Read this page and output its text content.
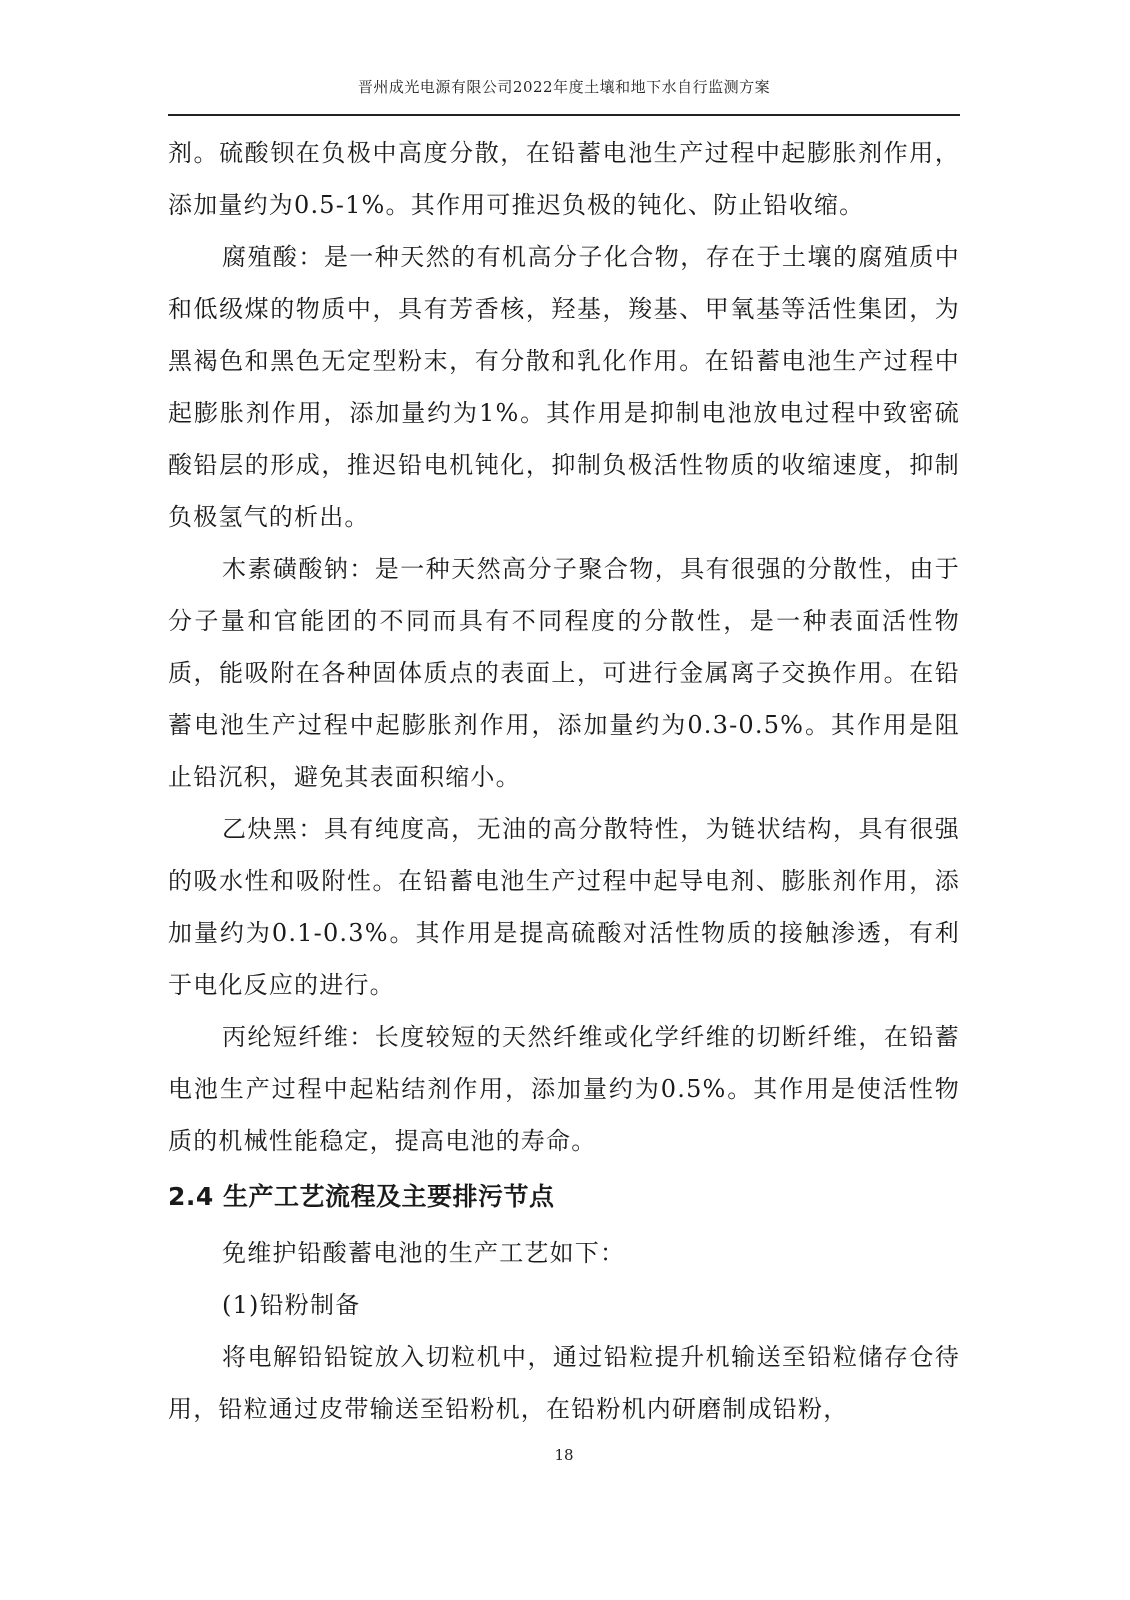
晋州成光电源有限公司2022年度土壤和地下水自行监测方案

剂。硫酸钡在负极中高度分散，在铅蓄电池生产过程中起膨胀剂作用，添加量约为0.5-1%。其作用可推迟负极的钝化、防止铅收缩。

腐殖酸：是一种天然的有机高分子化合物，存在于土壤的腐殖质中和低级煤的物质中，具有芳香核，羟基，羧基、甲氧基等活性集团，为黑褐色和黑色无定型粉末，有分散和乳化作用。在铅蓄电池生产过程中起膨胀剂作用，添加量约为1%。其作用是抑制电池放电过程中致密硫酸铅层的形成，推迟铅电机钝化，抑制负极活性物质的收缩速度，抑制负极氢气的析出。

木素磺酸钠：是一种天然高分子聚合物，具有很强的分散性，由于分子量和官能团的不同而具有不同程度的分散性，是一种表面活性物质，能吸附在各种固体质点的表面上，可进行金属离子交换作用。在铅蓄电池生产过程中起膨胀剂作用，添加量约为0.3-0.5%。其作用是阻止铅沉积，避免其表面积缩小。

乙炔黑：具有纯度高，无油的高分散特性，为链状结构，具有很强的吸水性和吸附性。在铅蓄电池生产过程中起导电剂、膨胀剂作用，添加量约为0.1-0.3%。其作用是提高硫酸对活性物质的接触渗透，有利于电化反应的进行。

丙纶短纤维：长度较短的天然纤维或化学纤维的切断纤维，在铅蓄电池生产过程中起粘结剂作用，添加量约为0.5%。其作用是使活性物质的机械性能稳定，提高电池的寿命。

2.4 生产工艺流程及主要排污节点

免维护铅酸蓄电池的生产工艺如下：

(1)铅粉制备

将电解铅铅锭放入切粒机中，通过铅粒提升机输送至铅粒储存仓待用，铅粒通过皮带输送至铅粉机，在铅粉机内研磨制成铅粉，

18
